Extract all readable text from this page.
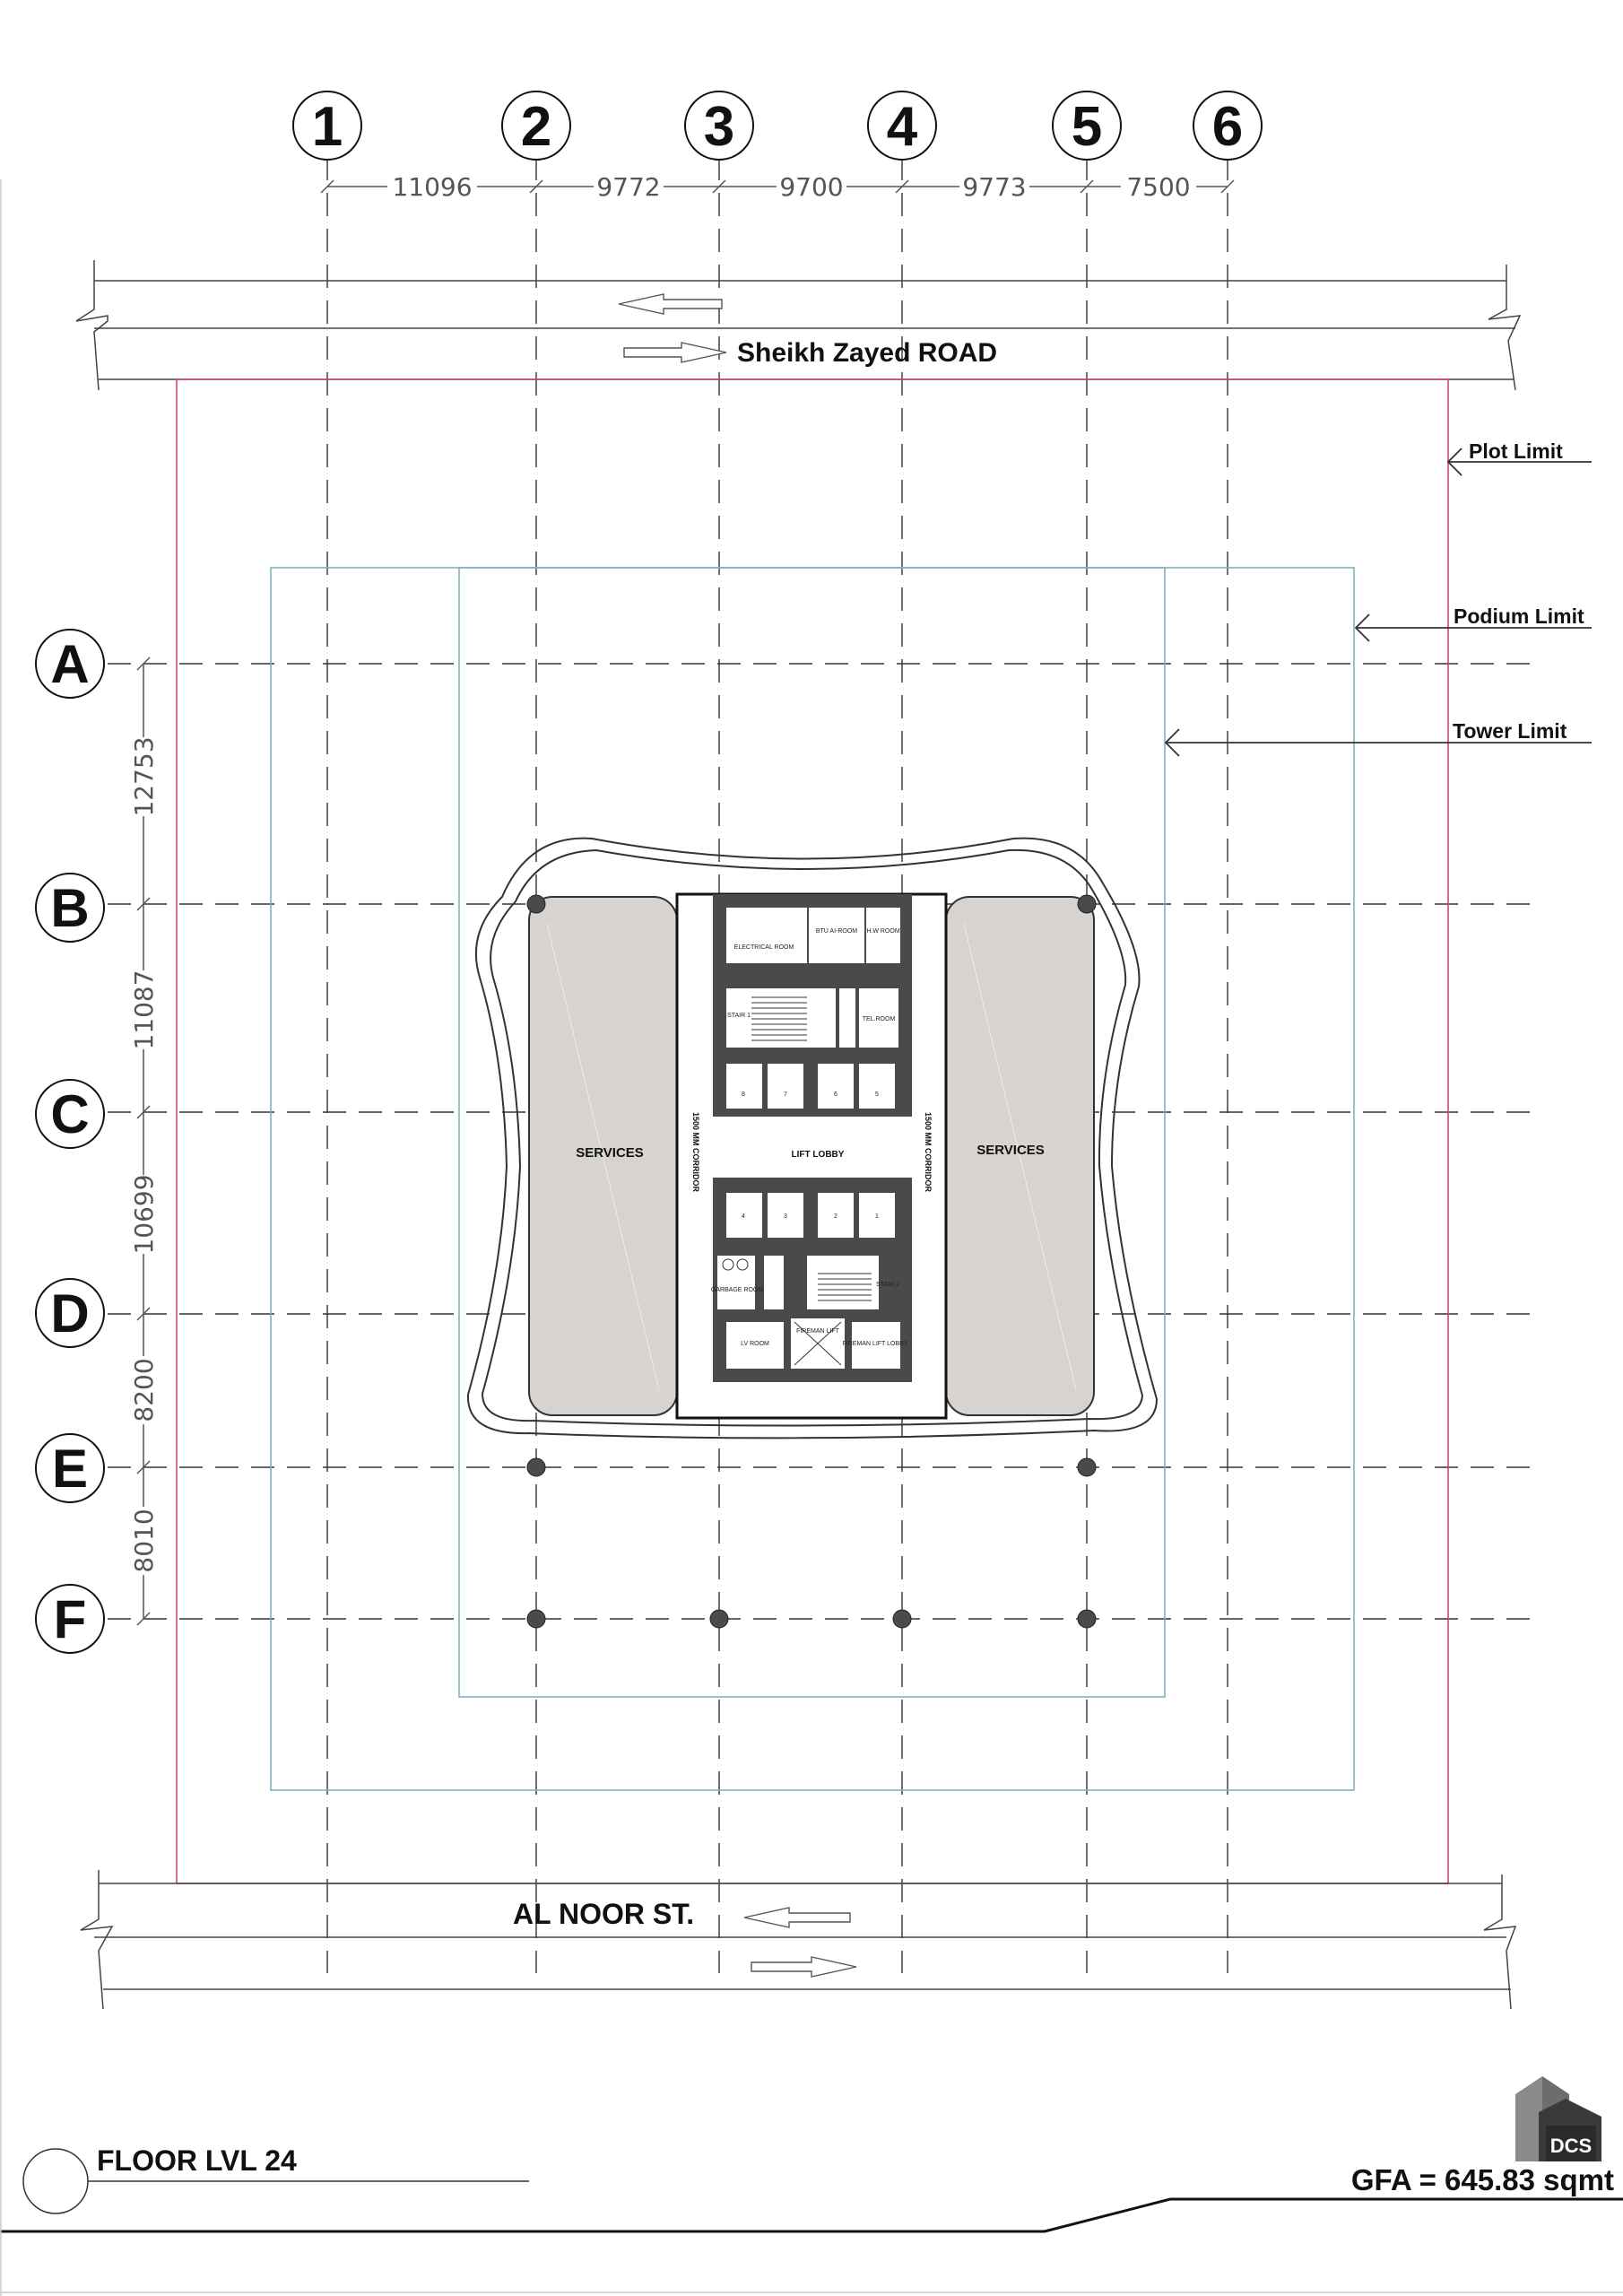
1	2	3	4	5 6
11096	9772	9700	9773	7500
A
B
C
D
E
F
12753
11087
10699
8200
8010
Sheikh Zayed ROAD
Plot Limit
Podium Limit
Tower Limit
SERVICES	SERVICES
ELECTRICAL ROOM
BTU AI-ROOM H.W ROOM
STAIR 1
TEL.ROOM
8	7	6	5
4	3	2	1
GARBAGE ROOM
STAIR 2
LV ROOM
FIREMAN LIFT
FIREMAN LIFT LOBBY
LIFT LOBBY
1500 MM CORRIDOR	1500 MM CORRIDOR
AL NOOR ST.
FLOOR LVL 24
GFA = 645.83 sqmt
DCS
